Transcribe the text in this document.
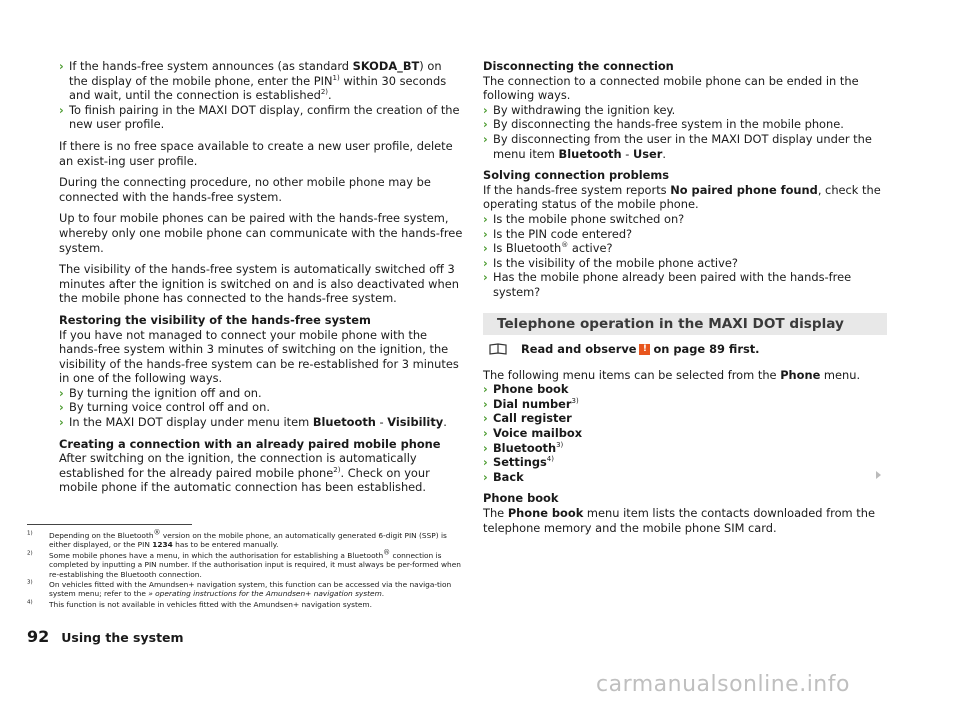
› If the hands-free system announces (as standard SKODA_BT) on the display of the mobile phone, enter the PIN$^{1)}$ within 30 seconds and wait, until the connection is established$^{2)}$.
› To finish pairing in the MAXI DOT display, confirm the creation of the new user profile.

If there is no free space available to create a new user profile, delete an exist-ing user profile.

During the connecting procedure, no other mobile phone may be connected with the hands-free system.

Up to four mobile phones can be paired with the hands-free system, whereby only one mobile phone can communicate with the hands-free system.

The visibility of the hands-free system is automatically switched off 3 minutes after the ignition is switched on and is also deactivated when the mobile phone has connected to the hands-free system.

Restoring the visibility of the hands-free system

If you have not managed to connect your mobile phone with the hands-free system within 3 minutes of switching on the ignition, the visibility of the hands-free system can be re-established for 3 minutes in one of the following ways.

› By turning the ignition off and on.
› By turning voice control off and on.
› In the MAXI DOT display under menu item Bluetooth - Visibility.
Creating a connection with an already paired mobile phone

After switching on the ignition, the connection is automatically established for the already paired mobile phone$^{2)}$. Check on your mobile phone if the automatic connection has been established.

Disconnecting the connection

The connection to a connected mobile phone can be ended in the following ways.

› By withdrawing the ignition key.
› By disconnecting the hands-free system in the mobile phone.
› By disconnecting from the user in the MAXI DOT display under the menu item Bluetooth - User.
Solving connection problems

If the hands-free system reports No paired phone found, check the operating status of the mobile phone.

› Is the mobile phone switched on?
› Is the PIN code entered?
› Is Bluetooth® active?
› Is the visibility of the mobile phone active?
› Has the mobile phone already been paired with the hands-free system?
Telephone operation in the MAXI DOT display
Read and observe ! on page 89 first.

The following menu items can be selected from the Phone menu.

› Phone book
› Dial number$^{3)}$
› Call register
› Voice mailbox
› Bluetooth$^{3)}$
› Settings$^{4)}$
› Back
Phone book

The Phone book menu item lists the contacts downloaded from the telephone memory and the mobile phone SIM card.

$^{1)}$	Depending on the Bluetooth® version on the mobile phone, an automatically generated 6-digit PIN (SSP) is either displayed, or the PIN 1234 has to be entered manually.
$^{2)}$	Some mobile phones have a menu, in which the authorisation for establishing a Bluetooth® connection is completed by inputting a PIN number. If the authorisation input is required, it must always be per-formed when re-establishing the Bluetooth connection.
$^{3)}$	On vehicles fitted with the Amundsen+ navigation system, this function can be accessed via the naviga-tion system menu; refer to the » operating instructions for the Amundsen+ navigation system.
$^{4)}$	This function is not available in vehicles fitted with the Amundsen+ navigation system.
92 Using the system
carmanualsonline.info
